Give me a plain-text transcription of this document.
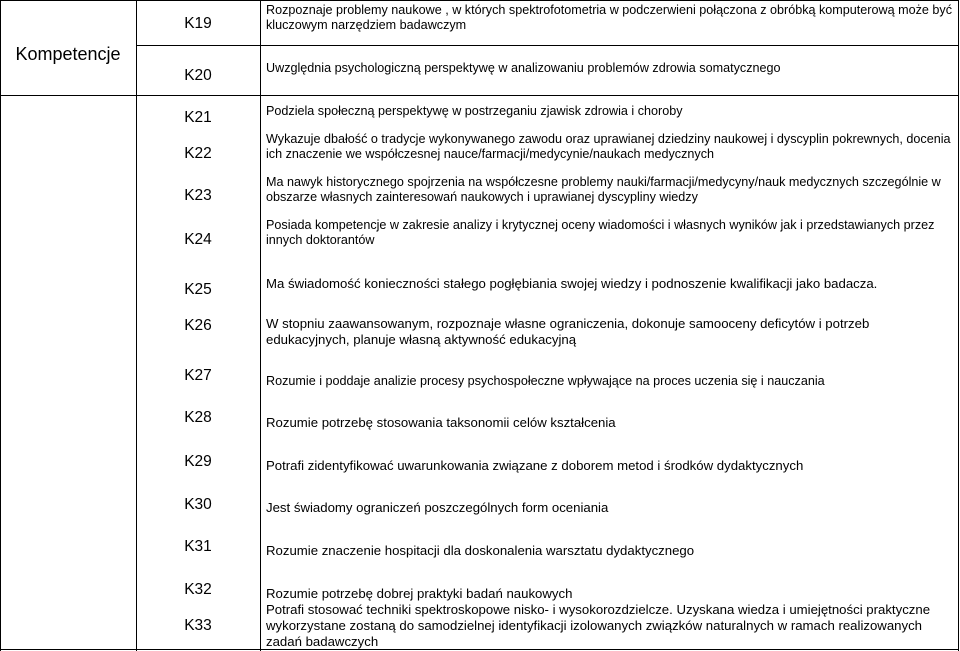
Kompetencje
K19
K20
K21
K22
K23
K24
K25
K26
K27
K28
K29
K30
K31
K32
K33
Rozpoznaje problemy naukowe , w których spektrofotometria w podczerwieni połączona z obróbką komputerową może być kluczowym narzędziem badawczym
Uwzględnia psychologiczną perspektywę w analizowaniu problemów zdrowia somatycznego
Podziela społeczną perspektywę w postrzeganiu zjawisk zdrowia i choroby
Wykazuje dbałość o tradycje wykonywanego zawodu oraz uprawianej dziedziny naukowej i dyscyplin pokrewnych, docenia ich znaczenie we współczesnej nauce/farmacji/medycynie/naukach medycznych
Ma nawyk historycznego spojrzenia na współczesne problemy nauki/farmacji/medycyny/nauk medycznych szczególnie w obszarze własnych zainteresowań naukowych i uprawianej dyscypliny wiedzy
Posiada kompetencje w zakresie analizy i krytycznej oceny wiadomości i własnych wyników jak i przedstawianych przez innych doktorantów
Ma świadomość konieczności stałego pogłębiania swojej wiedzy i podnoszenie kwalifikacji jako badacza.
W stopniu zaawansowanym, rozpoznaje własne ograniczenia, dokonuje samooceny deficytów i potrzeb edukacyjnych, planuje własną aktywność edukacyjną
Rozumie i poddaje analizie procesy psychospołeczne wpływające na proces uczenia się i nauczania
Rozumie potrzebę stosowania taksonomii celów kształcenia
Potrafi zidentyfikować uwarunkowania związane z doborem metod i środków dydaktycznych
Jest świadomy ograniczeń poszczególnych form oceniania
Rozumie znaczenie hospitacji dla doskonalenia warsztatu dydaktycznego
Rozumie potrzebę dobrej praktyki badań naukowych
Potrafi stosować techniki spektroskopowe nisko- i wysokorozdzielcze. Uzyskana wiedza i umiejętności praktyczne wykorzystane zostaną do samodzielnej identyfikacji izolowanych związków naturalnych w ramach realizowanych zadań badawczych
